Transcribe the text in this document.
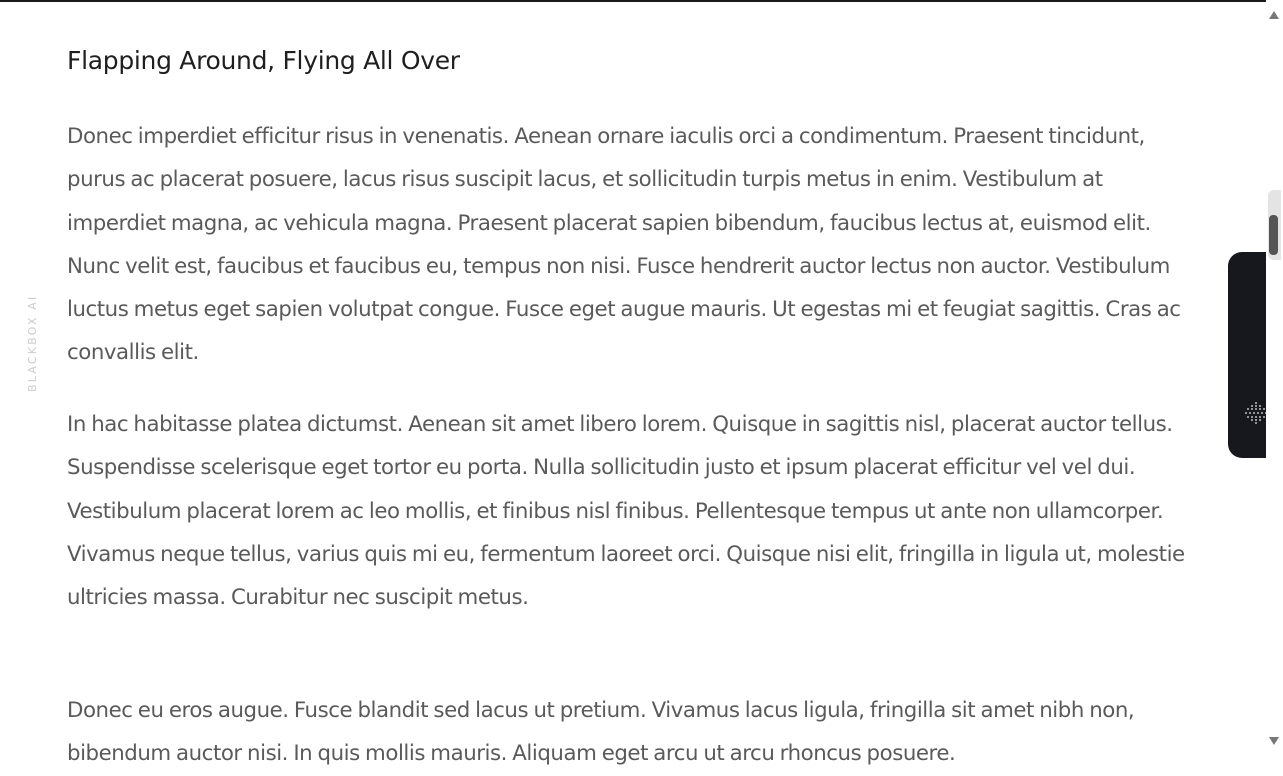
Flapping Around, Flying All Over

Donec imperdiet efficitur risus in venenatis. Aenean ornare iaculis orci a condimentum. Praesent tincidunt, purus ac placerat posuere, lacus risus suscipit lacus, et sollicitudin turpis metus in enim. Vestibulum at imperdiet magna, ac vehicula magna. Praesent placerat sapien bibendum, faucibus lectus at, euismod elit. Nunc velit est, faucibus et faucibus eu, tempus non nisi. Fusce hendrerit auctor lectus non auctor. Vestibulum luctus metus eget sapien volutpat congue. Fusce eget augue mauris. Ut egestas mi et feugiat sagittis. Cras ac convallis elit.

In hac habitasse platea dictumst. Aenean sit amet libero lorem. Quisque in sagittis nisl, placerat auctor tellus. Suspendisse scelerisque eget tortor eu porta. Nulla sollicitudin justo et ipsum placerat efficitur vel vel dui. Vestibulum placerat lorem ac leo mollis, et finibus nisl finibus. Pellentesque tempus ut ante non ullamcorper. Vivamus neque tellus, varius quis mi eu, fermentum laoreet orci. Quisque nisi elit, fringilla in ligula ut, molestie ultricies massa. Curabitur nec suscipit metus.

Donec eu eros augue. Fusce blandit sed lacus ut pretium. Vivamus lacus ligula, fringilla sit amet nibh non, bibendum auctor nisi. In quis mollis mauris. Aliquam eget arcu ut arcu rhoncus posuere.

BLACKBOX AI
